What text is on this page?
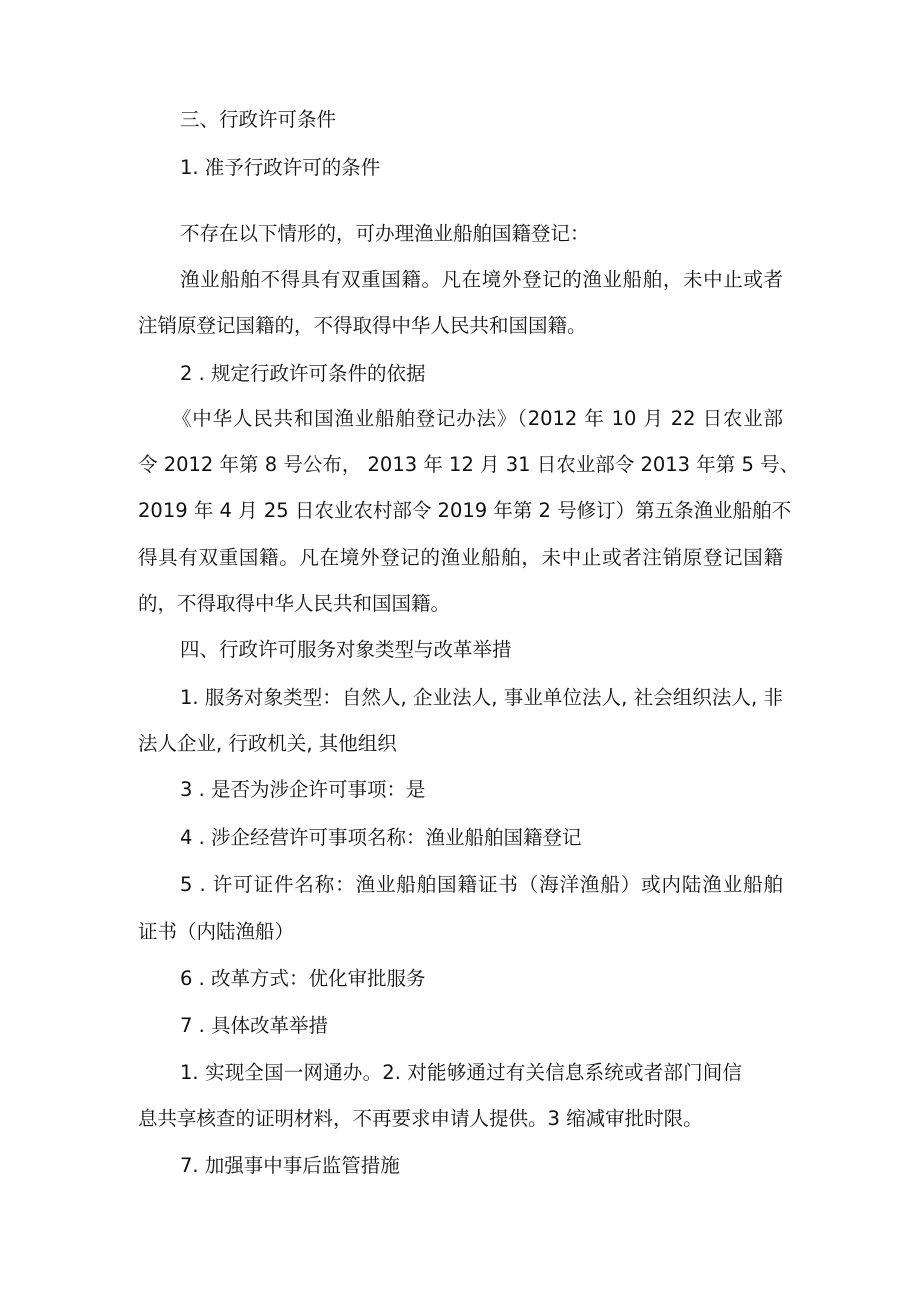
三、行政许可条件

1. 准予行政许可的条件

不存在以下情形的，可办理渔业船舶国籍登记：

渔业船舶不得具有双重国籍。凡在境外登记的渔业船舶，未中止或者

注销原登记国籍的，不得取得中华人民共和国国籍。

2 . 规定行政许可条件的依据

《中华人民共和国渔业船舶登记办法》（2012 年 10 月 22 日农业部

令 2012 年第 8 号公布， 2013 年 12 月 31 日农业部令 2013 年第 5 号、

2019 年 4 月 25 日农业农村部令 2019 年第 2 号修订）第五条渔业船舶不

得具有双重国籍。凡在境外登记的渔业船舶，未中止或者注销原登记国籍

的，不得取得中华人民共和国国籍。

四、行政许可服务对象类型与改革举措

1. 服务对象类型：自然人, 企业法人, 事业单位法人, 社会组织法人, 非

法人企业, 行政机关, 其他组织

3 . 是否为涉企许可事项：是

4 . 涉企经营许可事项名称：渔业船舶国籍登记

5 . 许可证件名称：渔业船舶国籍证书（海洋渔船）或内陆渔业船舶

证书（内陆渔船）

6 . 改革方式：优化审批服务

7 . 具体改革举措

1. 实现全国一网通办。2. 对能够通过有关信息系统或者部门间信

息共享核查的证明材料，不再要求申请人提供。3 缩减审批时限。

7. 加强事中事后监管措施
